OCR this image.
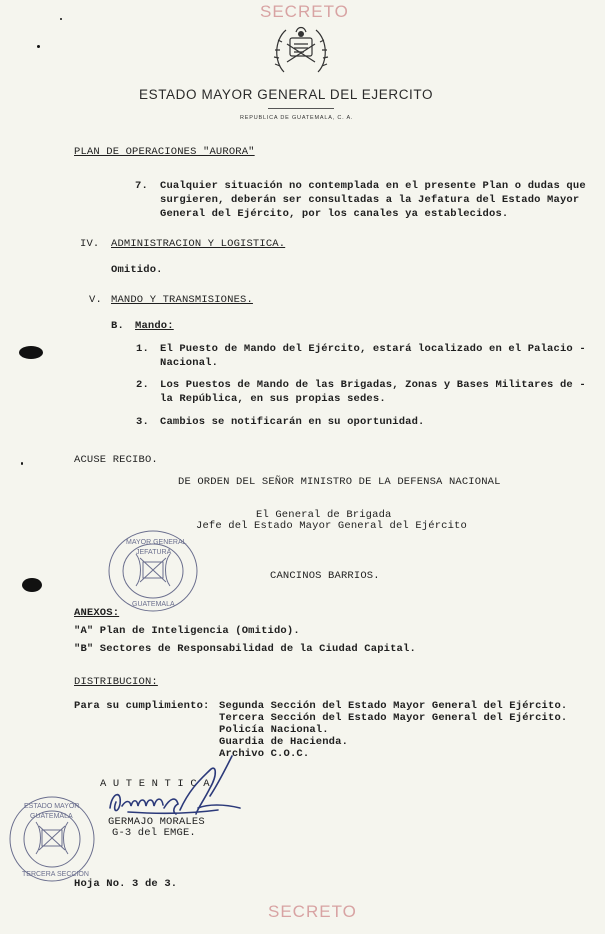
SECRETO
ESTADO MAYOR GENERAL DEL EJERCITO
REPUBLICA DE GUATEMALA, C. A.
PLAN DE OPERACIONES "AURORA"
7. Cualquier situación no contemplada en el presente Plan o dudas que
surgieren, deberán ser consultadas a la Jefatura del Estado Mayor
General del Ejército, por los canales ya establecidos.
IV. ADMINISTRACION Y LOGISTICA.
Omitido.
V. MANDO Y TRANSMISIONES.
B. Mando:
1. El Puesto de Mando del Ejército, estará localizado en el Palacio -
Nacional.
2. Los Puestos de Mando de las Brigadas, Zonas y Bases Militares de -
la República, en sus propias sedes.
3. Cambios se notificarán en su oportunidad.
ACUSE RECIBO.
DE ORDEN DEL SEÑOR MINISTRO DE LA DEFENSA NACIONAL
El General de Brigada
Jefe del Estado Mayor General del Ejército
CANCINOS BARRIOS.
MAYOR GENERAL
JEFATURA
GUATEMALA
ANEXOS:
"A" Plan de Inteligencia (Omitido).
"B" Sectores de Responsabilidad de la Ciudad Capital.
DISTRIBUCION:
Para su cumplimiento: Segunda Sección del Estado Mayor General del Ejército.
Tercera Sección del Estado Mayor General del Ejército.
Policía Nacional.
Guardia de Hacienda.
Archivo C.O.C.
A U T E N T I C A
GERMAJO MORALES
G-3 del EMGE.
ESTADO MAYOR
GUATEMALA
TERCERA SECCION
Hoja No. 3 de 3.
SECRETO
